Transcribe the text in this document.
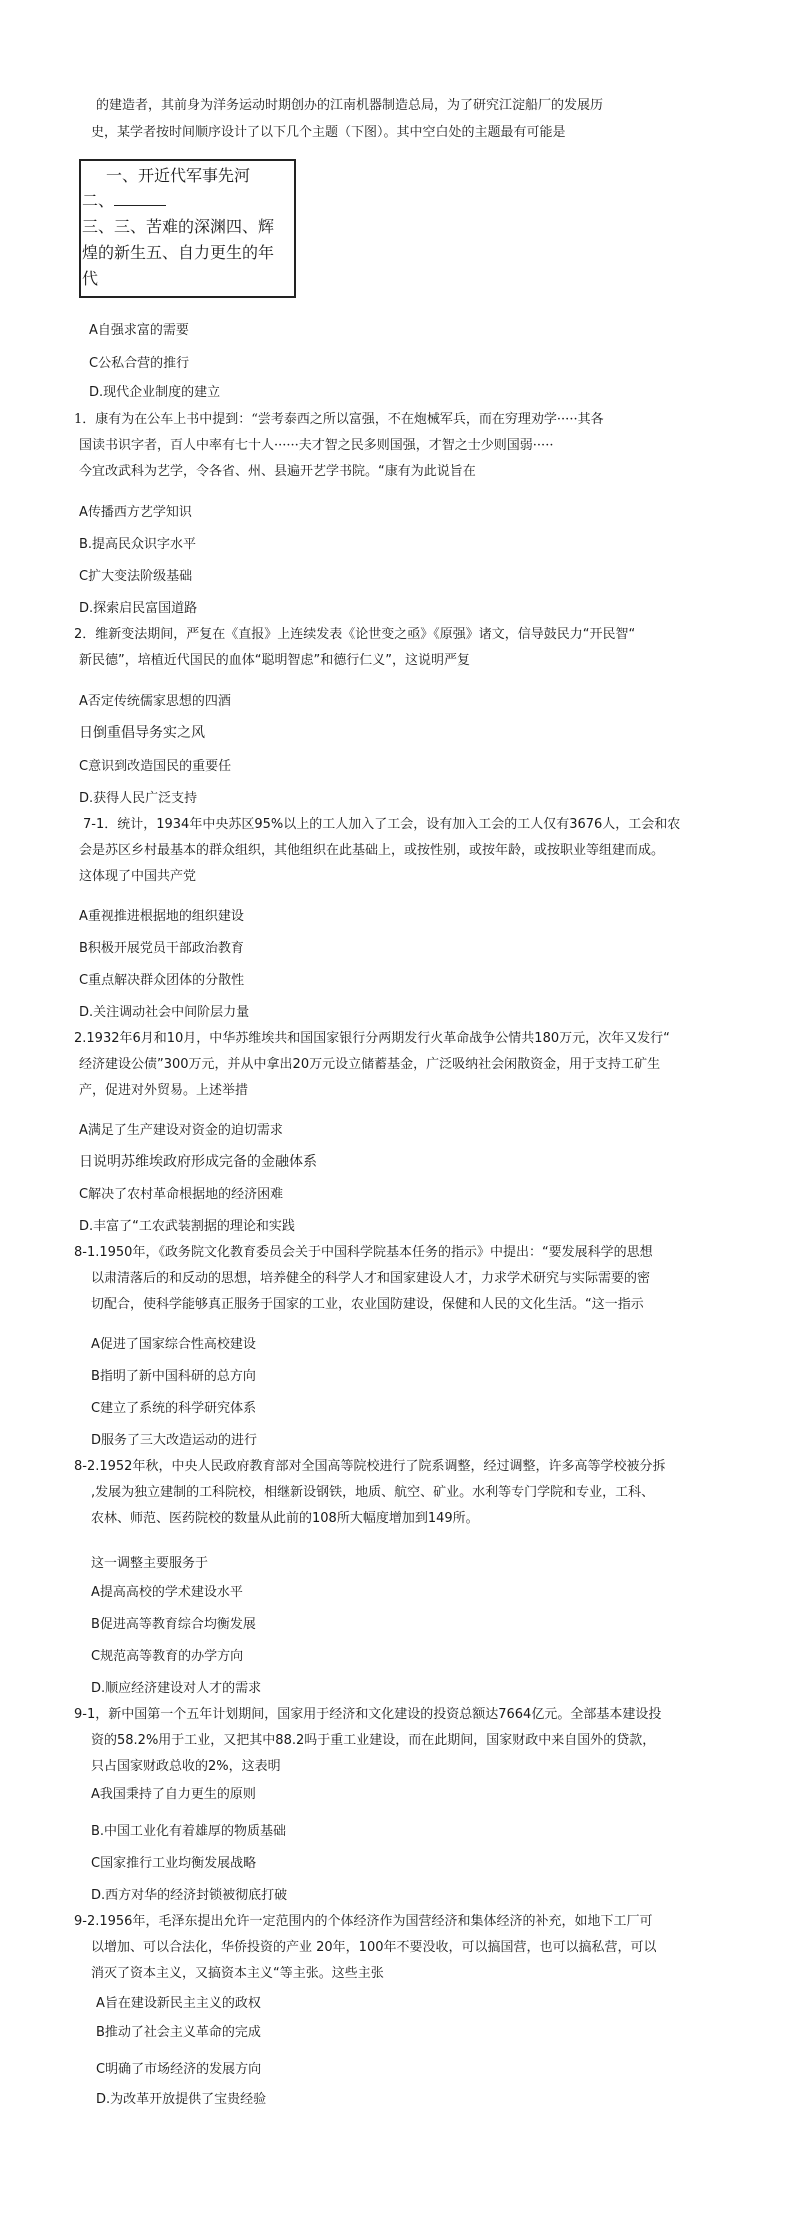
的建造者，其前身为洋务运动时期创办的江南机器制造总局，为了研究江淀船厂的发展历
史，某学者按时间顺序设计了以下几个主题（下图）。其中空白处的主题最有可能是
一、开近代军事先河
二、
三、三、苦难的深渊四、辉
煌的新生五、自力更生的年
代
A自强求富的需要
C公私合营的推行
D.现代企业制度的建立
1．康有为在公车上书中提到：“尝考泰西之所以富强，不在炮械军兵，而在穷理劝学·····其各
国读书识字者，百人中率有七十人······夫才智之民多则国强，才智之士少则国弱·····
今宜改武科为艺学，令各省、州、县遍开艺学书院。“康有为此说旨在
A传播西方艺学知识
B.提高民众识字水平
C扩大变法阶级基础
D.探索启民富国道路
2．维新变法期间，严复在《直报》上连续发表《论世变之亟》《原强》诸文，信导鼓民力“开民智“
新民德”，培植近代国民的血体“聪明智虑”和德行仁义”，这说明严复
A否定传统儒家思想的四酒
日倒重倡导务实之风
C意识到改造国民的重要任
D.获得人民广泛支持
7-1．统计，1934年中央苏区95%以上的工人加入了工会，设有加入工会的工人仅有3676人，工会和农
会是苏区乡村最基本的群众组织，其他组织在此基础上，或按性别，或按年龄，或按职业等组建而成。
这体现了中国共产党
A重视推进根据地的组织建设
B积极开展党员干部政治教育
C重点解决群众团体的分散性
D.关注调动社会中间阶层力量
2.1932年6月和10月，中华苏维埃共和国国家银行分两期发行火革命战争公情共180万元，次年又发行“
经济建设公债”300万元，并从中拿出20万元设立储蓄基金，广泛吸纳社会闲散资金，用于支持工矿生
产，促进对外贸易。上述举措
A满足了生产建设对资金的迫切需求
日说明苏维埃政府形成完备的金融体系
C解决了农村革命根据地的经济困难
D.丰富了“工农武装割据的理论和实践
8-1.1950年，《政务院文化教育委员会关于中国科学院基本任务的指示》中提出：“要发展科学的思想
以肃清落后的和反动的思想，培养健全的科学人才和国家建设人才，力求学术研究与实际需要的密
切配合，使科学能够真正服务于国家的工业，农业国防建设，保健和人民的文化生活。“这一指示
A促进了国家综合性高校建设
B指明了新中国科研的总方向
C建立了系统的科学研究体系
D服务了三大改造运动的进行
8-2.1952年秋，中央人民政府教育部对全国高等院校进行了院系调整，经过调整，许多高等学校被分拆
,发展为独立建制的工科院校，相继新设钢铁，地质、航空、矿业。水利等专门学院和专业，工科、
农林、师范、医药院校的数量从此前的108所大幅度增加到149所。
这一调整主要服务于
A提高高校的学术建设水平
B促进高等教育综合均衡发展
C规范高等教育的办学方向
D.顺应经济建设对人才的需求
9-1，新中国第一个五年计划期间，国家用于经济和文化建设的投资总额达7664亿元。全部基本建设投
资的58.2%用于工业，又把其中88.2吗于重工业建设，而在此期间，国家财政中来自国外的贷款，
只占国家财政总收的2%，这表明
A我国秉持了自力更生的原则
B.中国工业化有着雄厚的物质基础
C国家推行工业均衡发展战略
D.西方对华的经济封锁被彻底打破
9-2.1956年，毛泽东提出允许一定范围内的个体经济作为国营经济和集体经济的补充，如地下工厂可
以增加、可以合法化，华侨投资的产业 20年，100年不要没收，可以搞国营，也可以搞私营，可以
消灭了资本主义，又搞资本主义“等主张。这些主张
A旨在建设新民主主义的政权
B推动了社会主义革命的完成
C明确了市场经济的发展方向
D.为改革开放提供了宝贵经验
